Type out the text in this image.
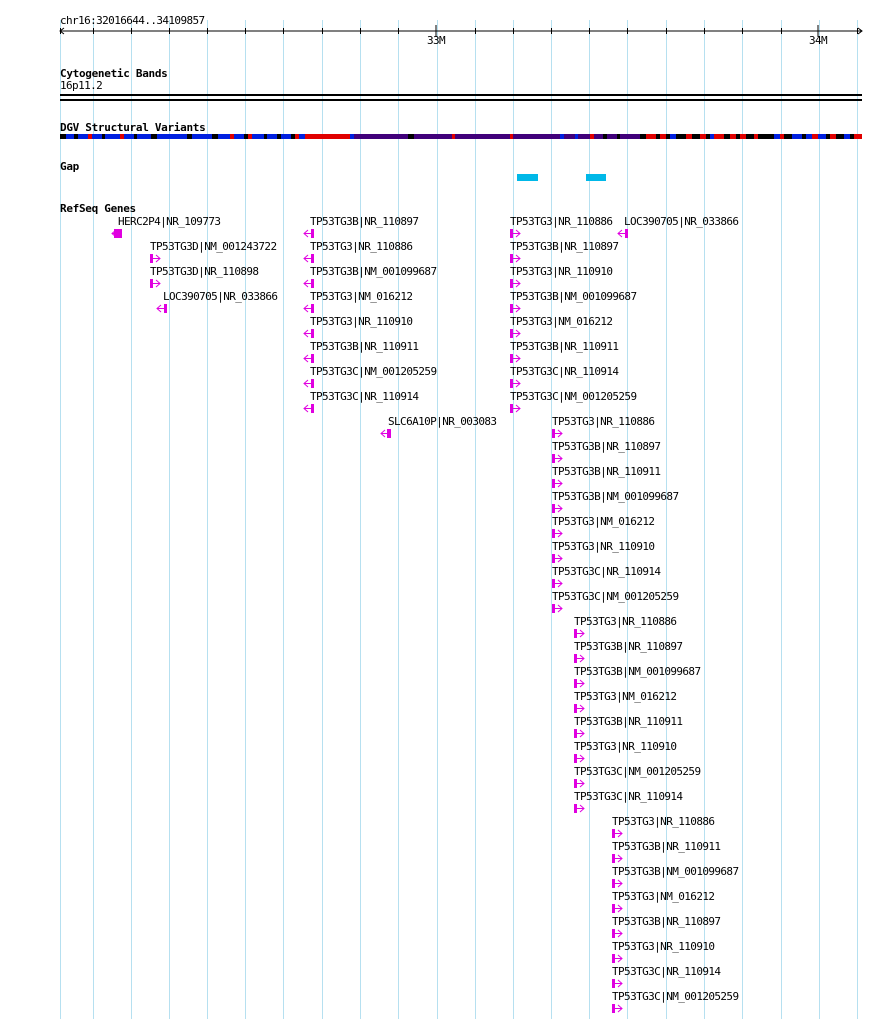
chr16:32016644..34109857
33M	34M
Cytogenetic Bands
16p11.2
DGV Structural Variants
Gap
RefSeq Genes
HERC2P4|NR_109773
TP53TG3D|NM_001243722
TP53TG3D|NR_110898
LOC390705|NR_033866
TP53TG3B|NR_110897
TP53TG3|NR_110886
TP53TG3B|NM_001099687
TP53TG3|NM_016212
TP53TG3|NR_110910
TP53TG3B|NR_110911
TP53TG3C|NM_001205259
TP53TG3C|NR_110914
SLC6A10P|NR_003083
TP53TG3|NR_110886
TP53TG3B|NR_110897
TP53TG3|NR_110910
TP53TG3B|NM_001099687
TP53TG3|NM_016212
TP53TG3B|NR_110911
TP53TG3C|NR_110914
TP53TG3C|NM_001205259
LOC390705|NR_033866
TP53TG3|NR_110886
TP53TG3B|NR_110897
TP53TG3B|NR_110911
TP53TG3B|NM_001099687
TP53TG3|NM_016212
TP53TG3|NR_110910
TP53TG3C|NR_110914
TP53TG3C|NM_001205259
TP53TG3|NR_110886
TP53TG3B|NR_110897
TP53TG3B|NM_001099687
TP53TG3|NM_016212
TP53TG3B|NR_110911
TP53TG3|NR_110910
TP53TG3C|NM_001205259
TP53TG3C|NR_110914
TP53TG3|NR_110886
TP53TG3B|NR_110911
TP53TG3B|NM_001099687
TP53TG3|NM_016212
TP53TG3B|NR_110897
TP53TG3|NR_110910
TP53TG3C|NR_110914
TP53TG3C|NM_001205259
